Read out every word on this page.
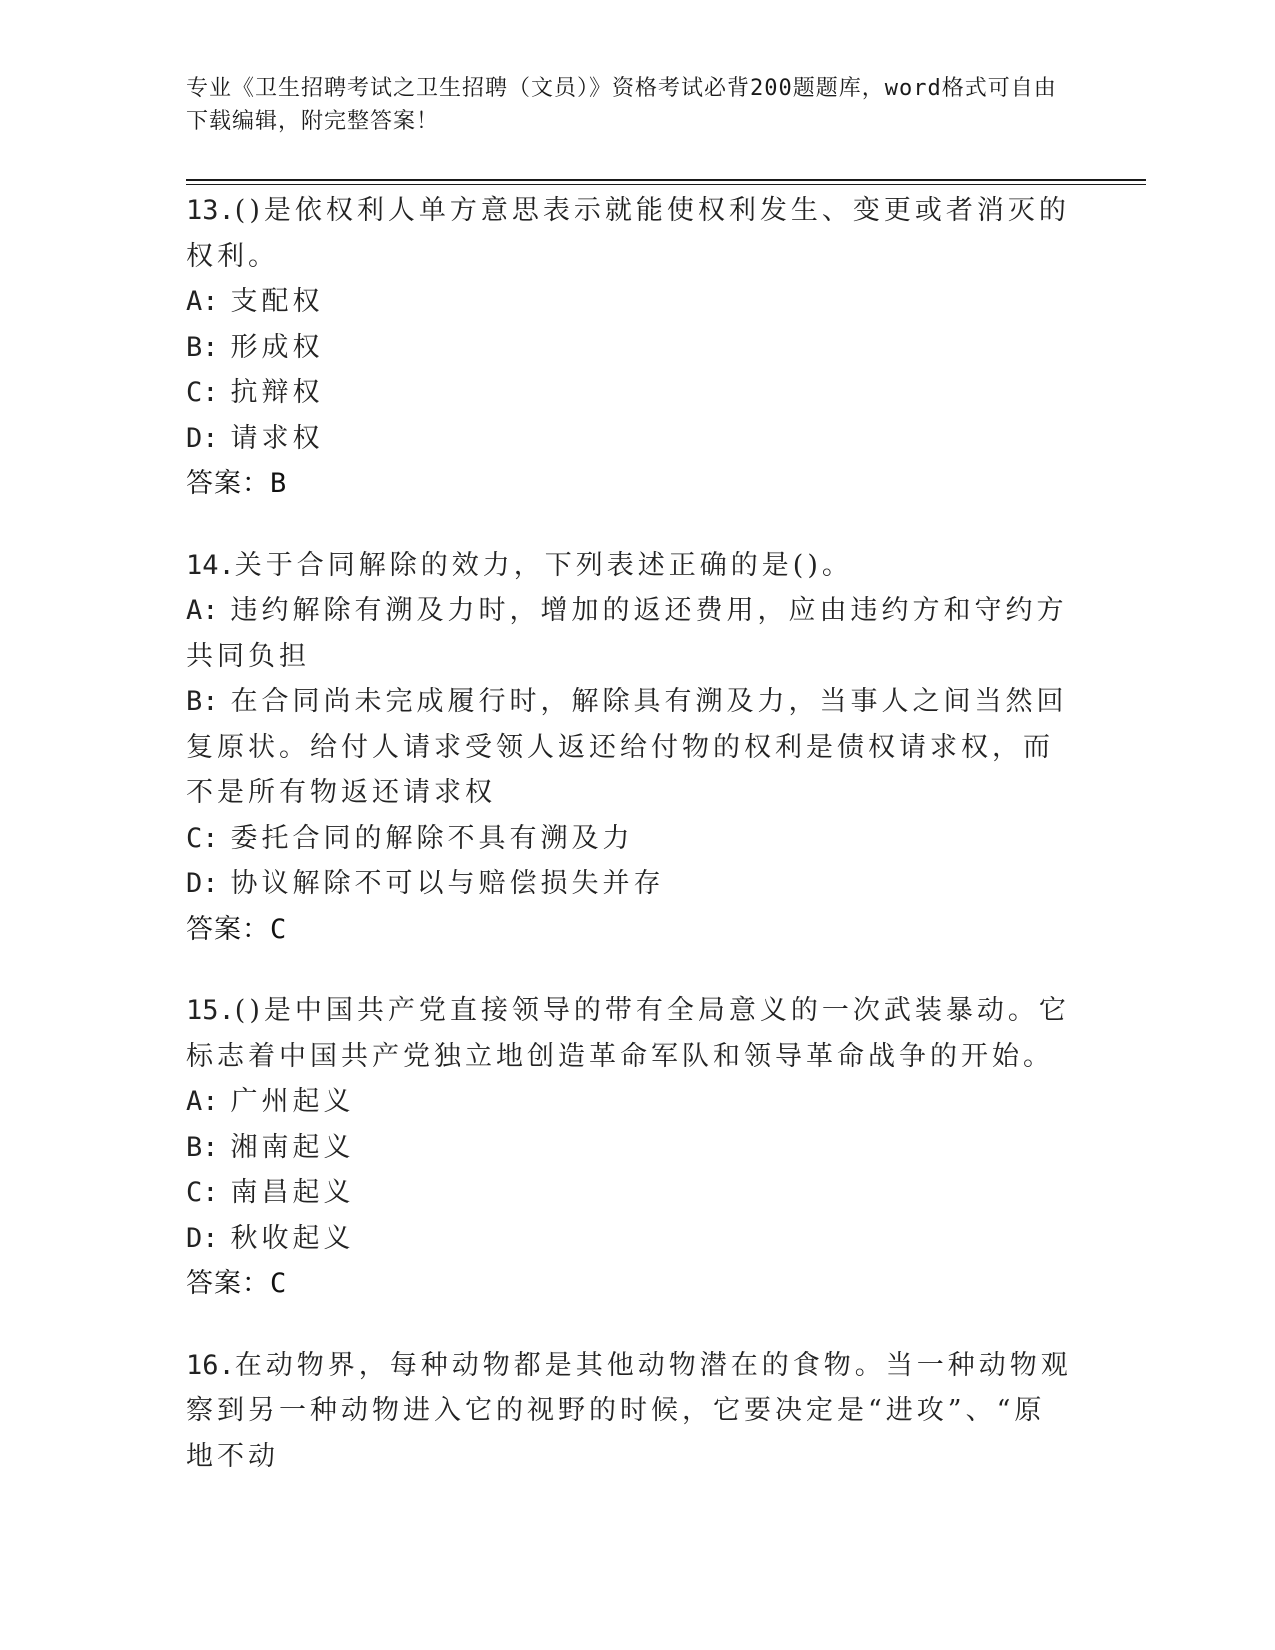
专业《卫生招聘考试之卫生招聘（文员）》资格考试必背200题题库，word格式可自由下载编辑，附完整答案！
13.()是依权利人单方意思表示就能使权利发生、变更或者消灭的权利。
A: 支配权
B: 形成权
C: 抗辩权
D: 请求权
答案：B
14.关于合同解除的效力，下列表述正确的是()。
A: 违约解除有溯及力时，增加的返还费用，应由违约方和守约方共同负担
B: 在合同尚未完成履行时，解除具有溯及力，当事人之间当然回复原状。给付人请求受领人返还给付物的权利是债权请求权，而不是所有物返还请求权
C: 委托合同的解除不具有溯及力
D: 协议解除不可以与赔偿损失并存
答案：C
15.()是中国共产党直接领导的带有全局意义的一次武装暴动。它标志着中国共产党独立地创造革命军队和领导革命战争的开始。
A: 广州起义
B: 湘南起义
C: 南昌起义
D: 秋收起义
答案：C
16.在动物界，每种动物都是其他动物潜在的食物。当一种动物观察到另一种动物进入它的视野的时候，它要决定是“进攻”、“原地不动
